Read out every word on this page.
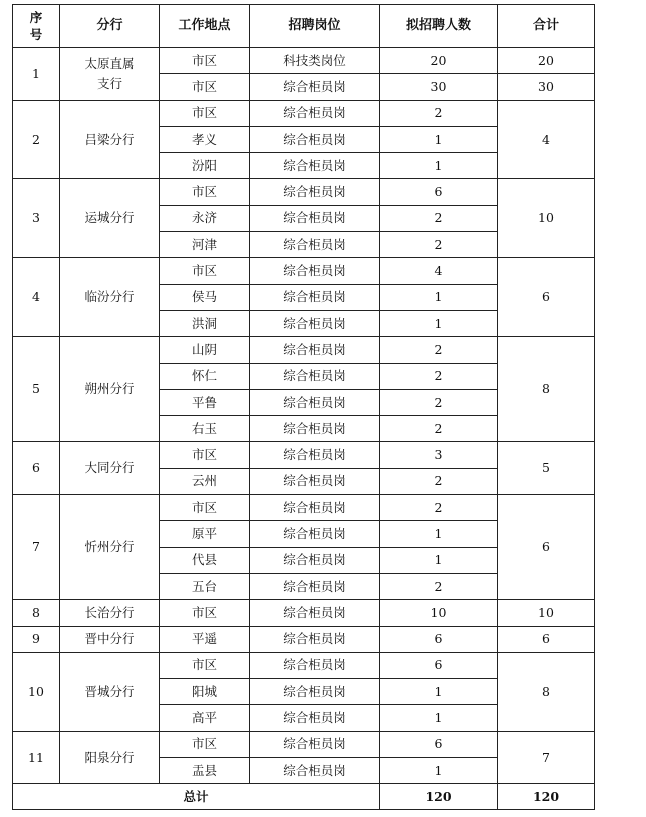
序号	分行	工作地点	招聘岗位	拟招聘人数	合计
1	太原直属支行	市区	科技类岗位	20	20
		市区	综合柜员岗	30	30
2	吕梁分行	市区	综合柜员岗	2	4
		孝义	综合柜员岗	1	
		汾阳	综合柜员岗	1	
3	运城分行	市区	综合柜员岗	6	10
		永济	综合柜员岗	2	
		河津	综合柜员岗	2	
4	临汾分行	市区	综合柜员岗	4	6
		侯马	综合柜员岗	1	
		洪洞	综合柜员岗	1	
5	朔州分行	山阴	综合柜员岗	2	8
		怀仁	综合柜员岗	2	
		平鲁	综合柜员岗	2	
		右玉	综合柜员岗	2	
6	大同分行	市区	综合柜员岗	3	5
		云州	综合柜员岗	2	
7	忻州分行	市区	综合柜员岗	2	6
		原平	综合柜员岗	1	
		代县	综合柜员岗	1	
		五台	综合柜员岗	2	
8	长治分行	市区	综合柜员岗	10	10
9	晋中分行	平遥	综合柜员岗	6	6
10	晋城分行	市区	综合柜员岗	6	8
		阳城	综合柜员岗	1	
		高平	综合柜员岗	1	
11	阳泉分行	市区	综合柜员岗	6	7
		盂县	综合柜员岗	1	
总计				120	120
